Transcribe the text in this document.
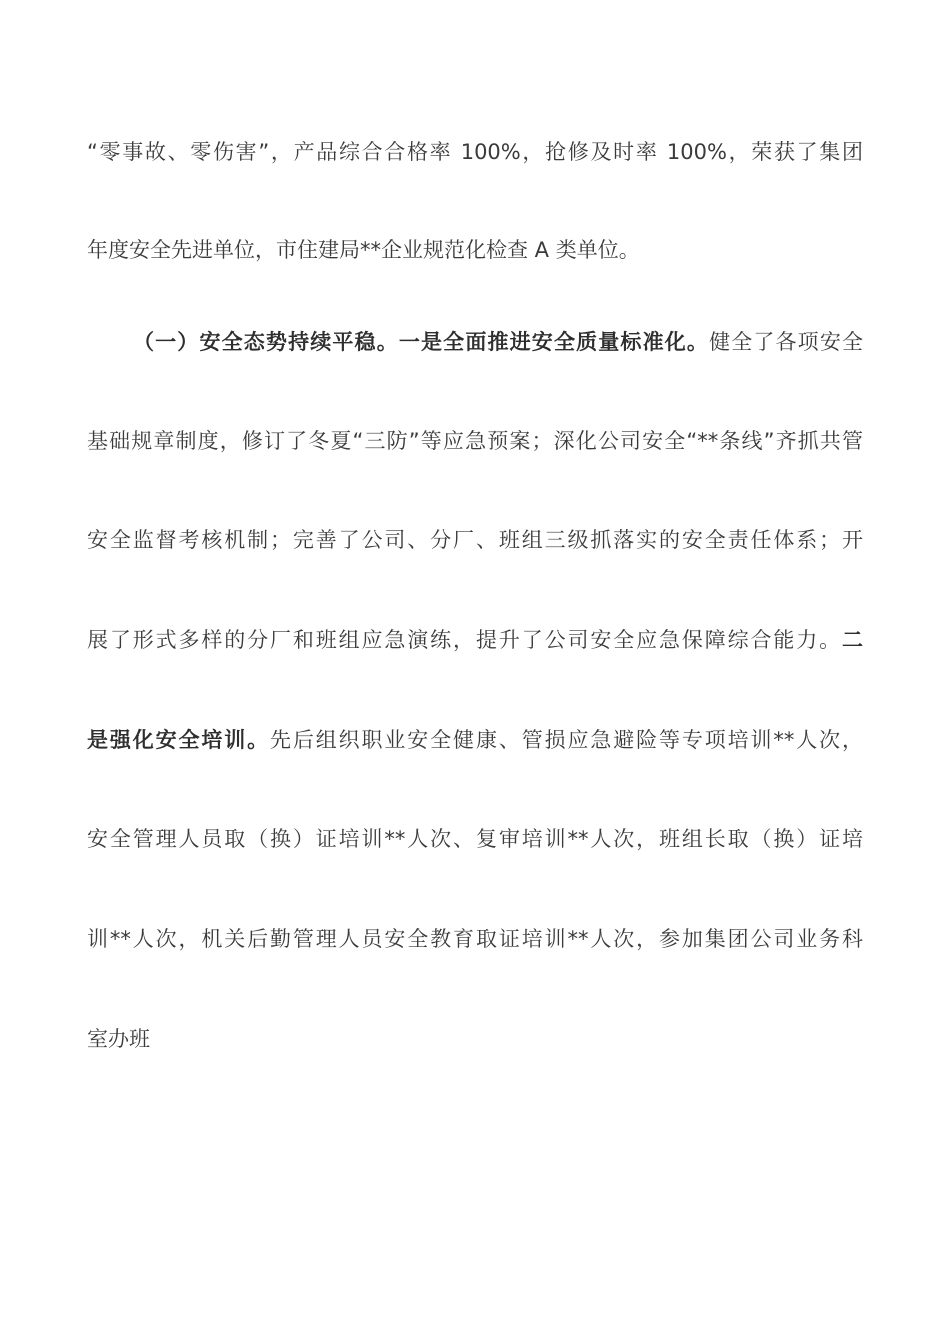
“零事故、零伤害”，产品综合合格率 100%，抢修及时率 100%，荣获了集团
年度安全先进单位，市住建局**企业规范化检查 A 类单位。
（一）安全态势持续平稳。一是全面推进安全质量标准化。健全了各项安全
基础规章制度，修订了冬夏“三防”等应急预案；深化公司安全“**条线”齐抓共管
安全监督考核机制；完善了公司、分厂、班组三级抓落实的安全责任体系；开
展了形式多样的分厂和班组应急演练，提升了公司安全应急保障综合能力。二
是强化安全培训。先后组织职业安全健康、管损应急避险等专项培训**人次，
安全管理人员取（换）证培训**人次、复审培训**人次，班组长取（换）证培
训**人次，机关后勤管理人员安全教育取证培训**人次，参加集团公司业务科
室办班
